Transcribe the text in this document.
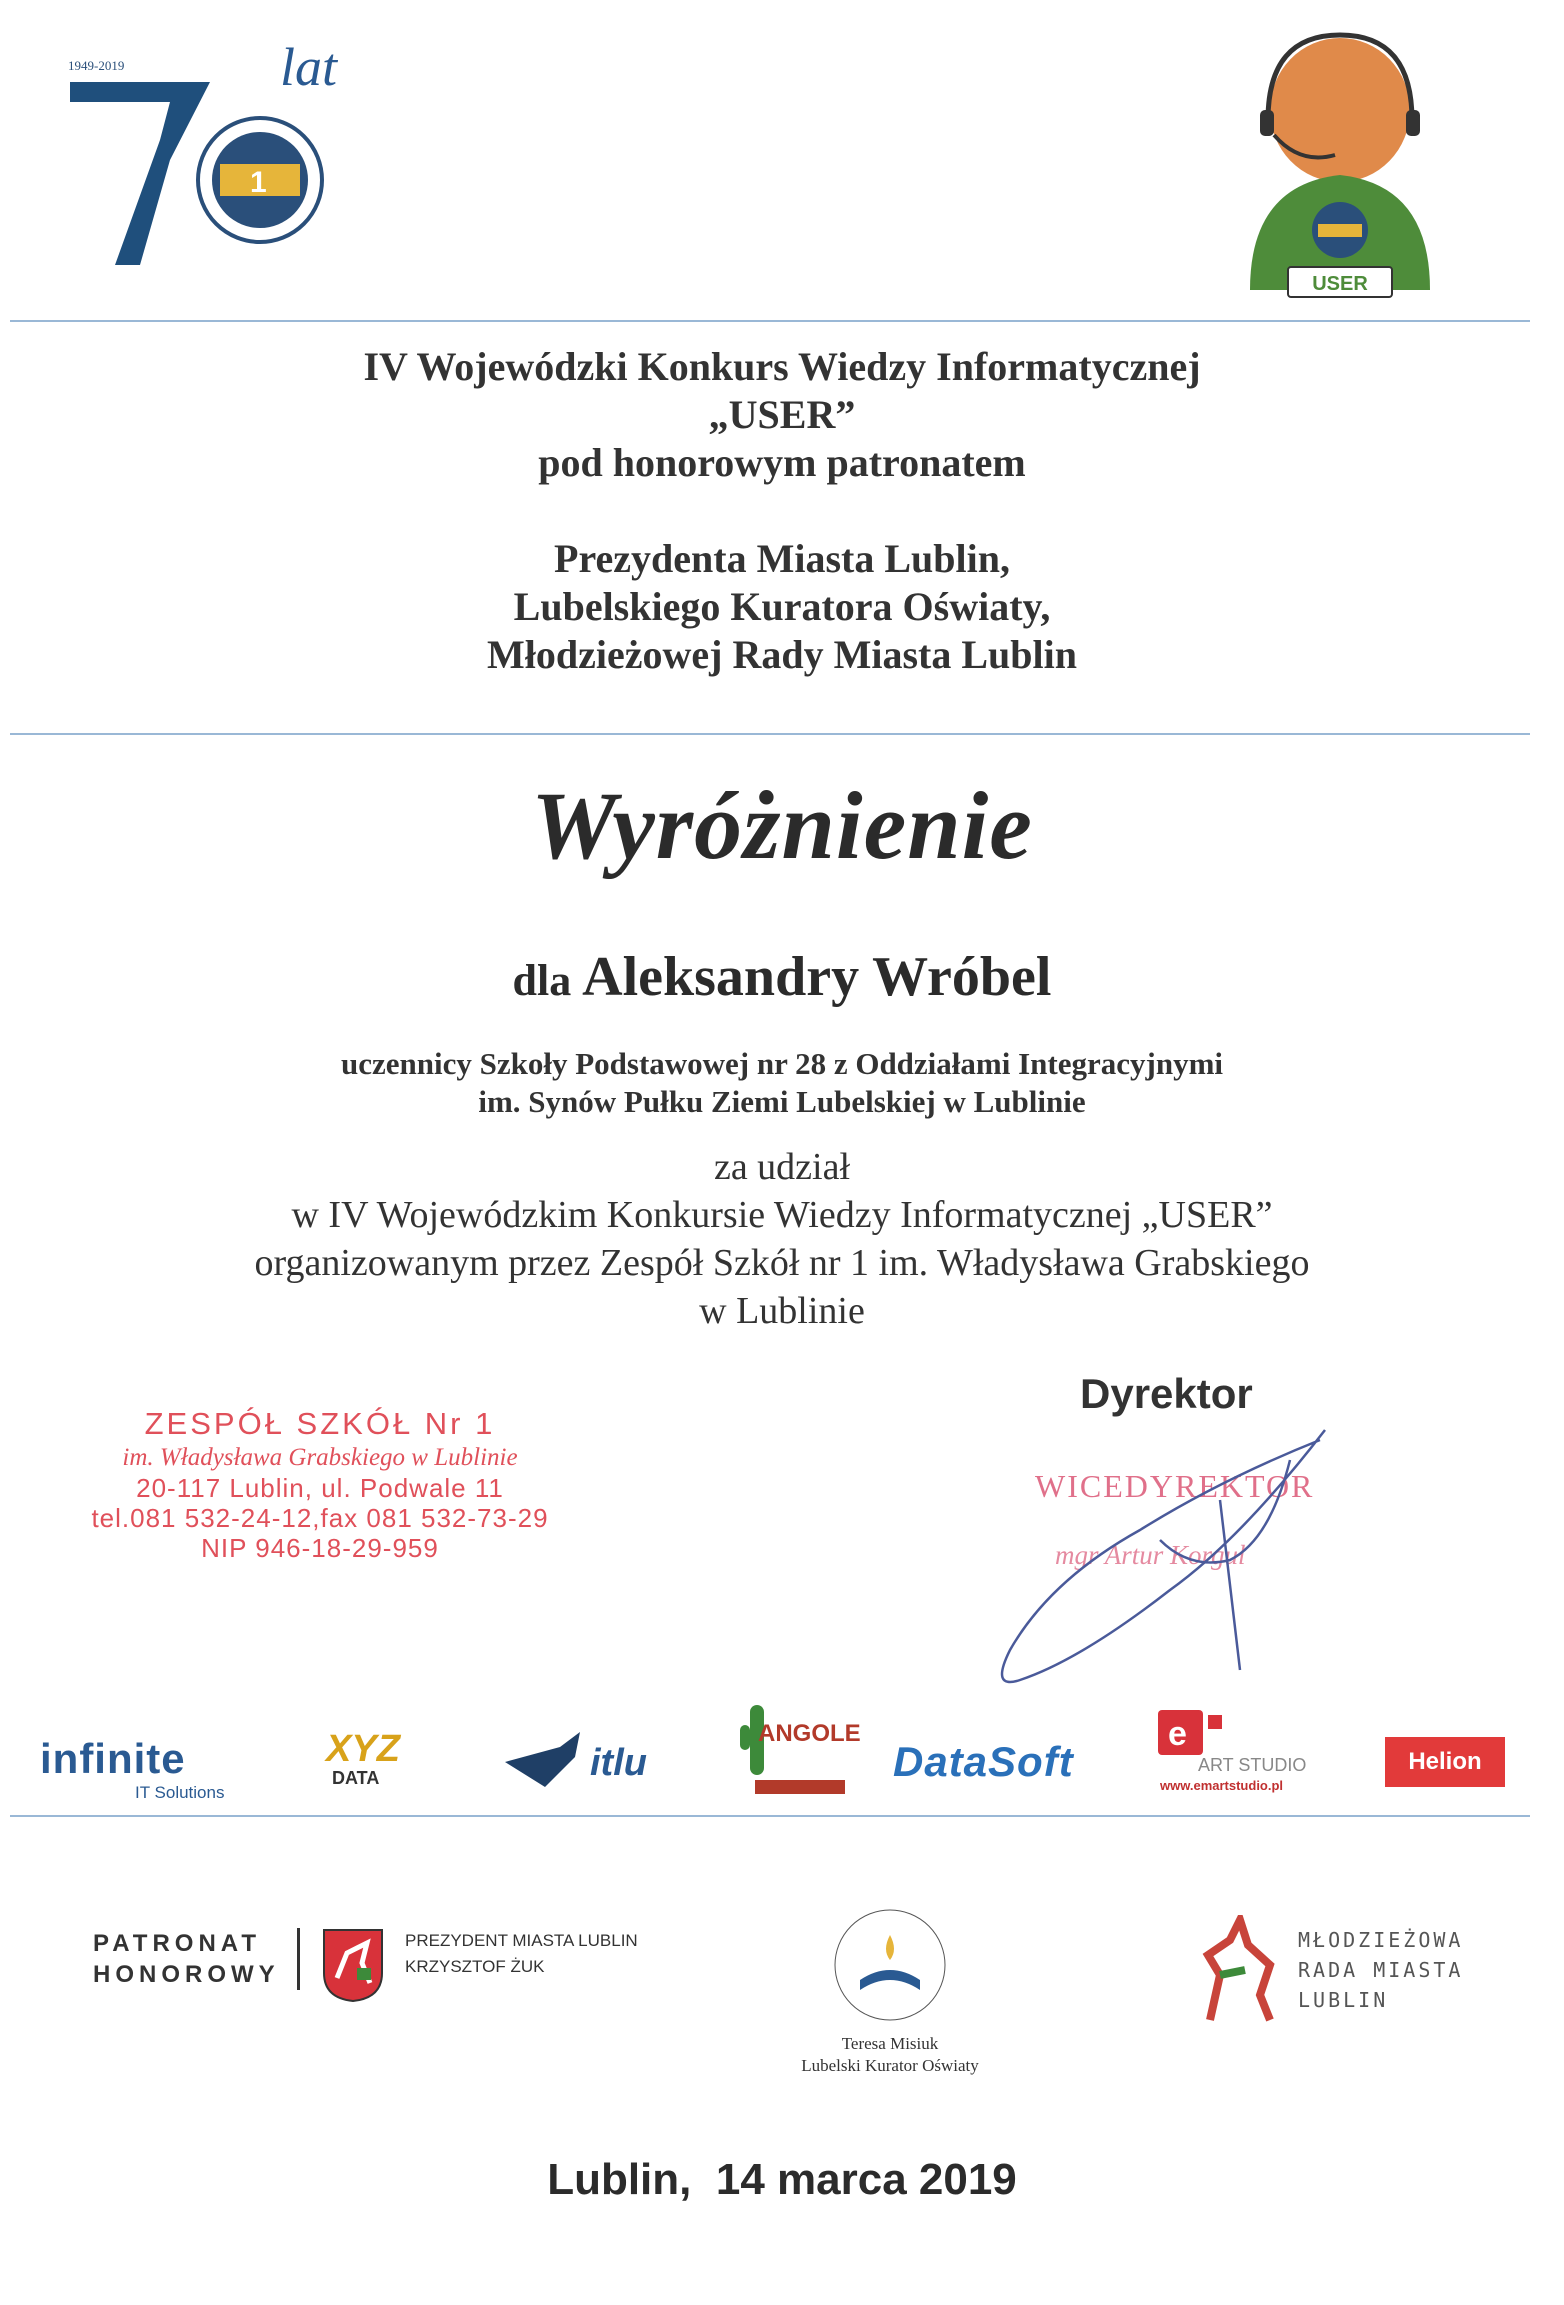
1949-2019
1
lat
USER
IV Wojewódzki Konkurs Wiedzy Informatycznej
„USER”
pod honorowym patronatem
Prezydenta Miasta Lublin,
Lubelskiego Kuratora Oświaty,
Młodzieżowej Rady Miasta Lublin
Wyróżnienie
dla Aleksandry Wróbel
uczennicy Szkoły Podstawowej nr 28 z Oddziałami Integracyjnymi
im. Synów Pułku Ziemi Lubelskiej w Lublinie
za udział
w IV Wojewódzkim Konkursie Wiedzy Informatycznej „USER”
organizowanym przez Zespół Szkół nr 1 im. Władysława Grabskiego
w Lublinie
ZESPÓŁ SZKÓŁ Nr 1
im. Władysława Grabskiego w Lublinie
20-117 Lublin, ul. Podwale 11
tel.081 532-24-12,fax 081 532-73-29
NIP 946-18-29-959
Dyrektor
WICEDYREKTOR
mgr Artur Korgul
infinite
IT Solutions
XYZ
DATA	itlu
ANGOLE
DataSoft
e
ART STUDIO
www.emartstudio.pl
Helion
PATRONAT
HONOROWY
PREZYDENT MIASTA LUBLIN
KRZYSZTOF ŻUK
Teresa Misiuk
Lubelski Kurator Oświaty
MŁODZIEŻOWA
RADA MIASTA
LUBLIN
Lublin, 14 marca 2019
